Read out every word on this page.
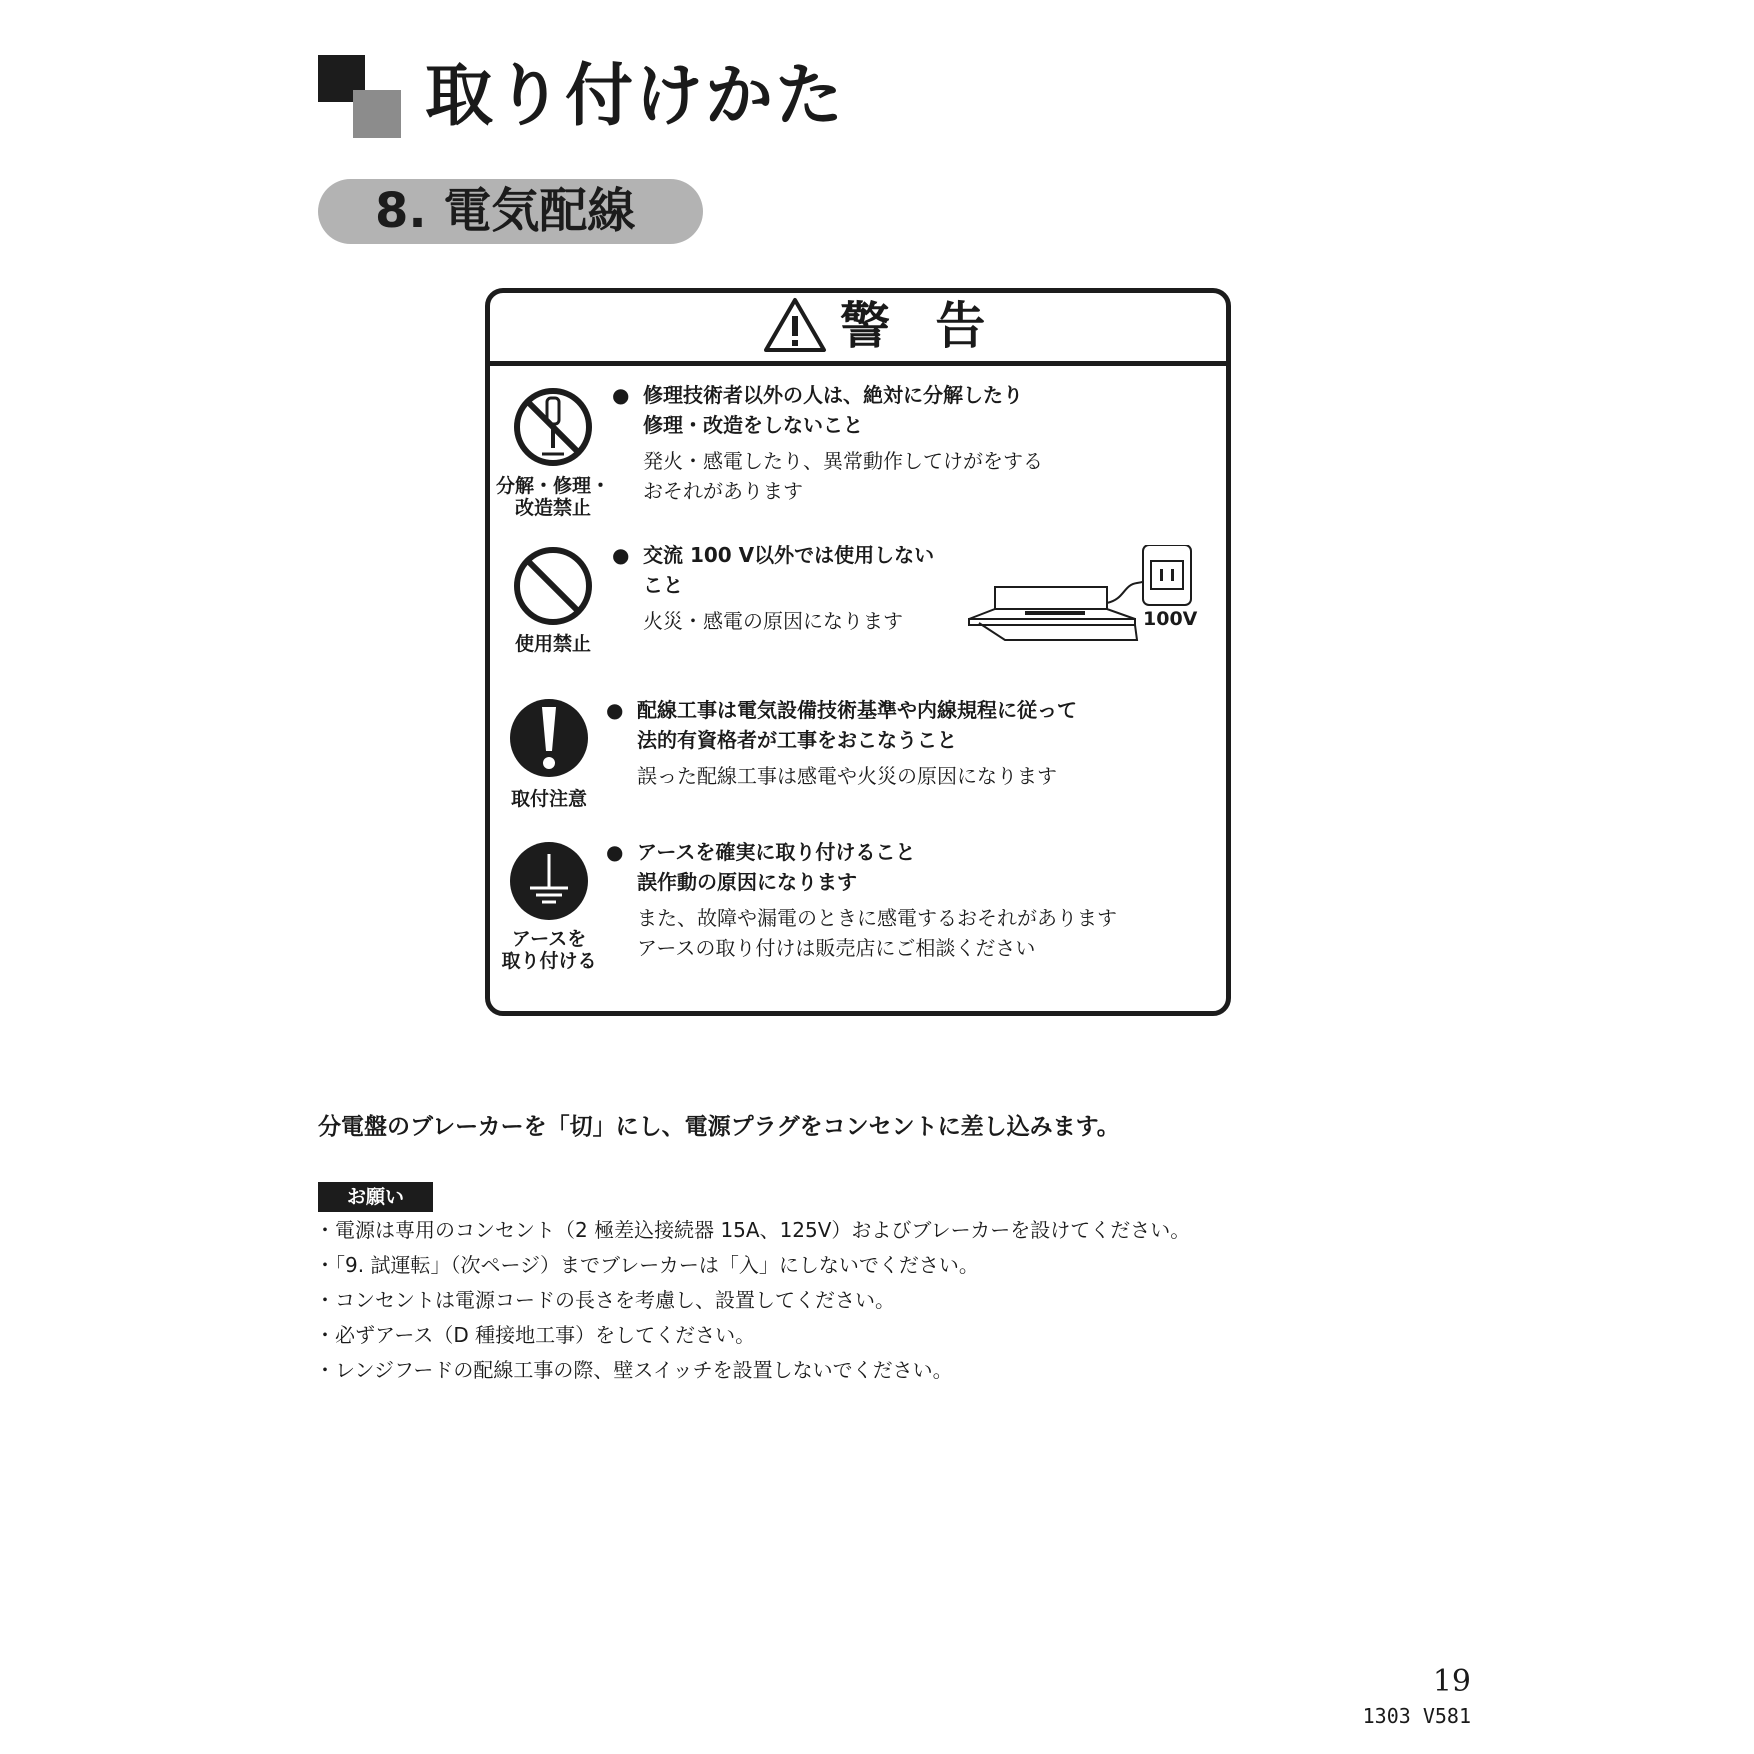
取り付けかた
8. 電気配線
警 告
分解・修理・
改造禁止
● 修理技術者以外の人は、絶対に分解したり
修理・改造をしないこと
発火・感電したり、異常動作してけがをする
おそれがあります
使用禁止
● 交流 100 V以外では使用しない
こと
火災・感電の原因になります	100V
取付注意
● 配線工事は電気設備技術基準や内線規程に従って
法的有資格者が工事をおこなうこと
誤った配線工事は感電や火災の原因になります
アースを
取り付ける
● アースを確実に取り付けること
誤作動の原因になります
また、故障や漏電のときに感電するおそれがあります
アースの取り付けは販売店にご相談ください
分電盤のブレーカーを「切」にし、電源プラグをコンセントに差し込みます。
お願い
・電源は専用のコンセント（2 極差込接続器 15A、125V）およびブレーカーを設けてください。
・「9. 試運転」（次ページ）までブレーカーは「入」にしないでください。
・コンセントは電源コードの長さを考慮し、設置してください。
・必ずアース（D 種接地工事）をしてください。
・レンジフードの配線工事の際、壁スイッチを設置しないでください。
19
1303 V581
